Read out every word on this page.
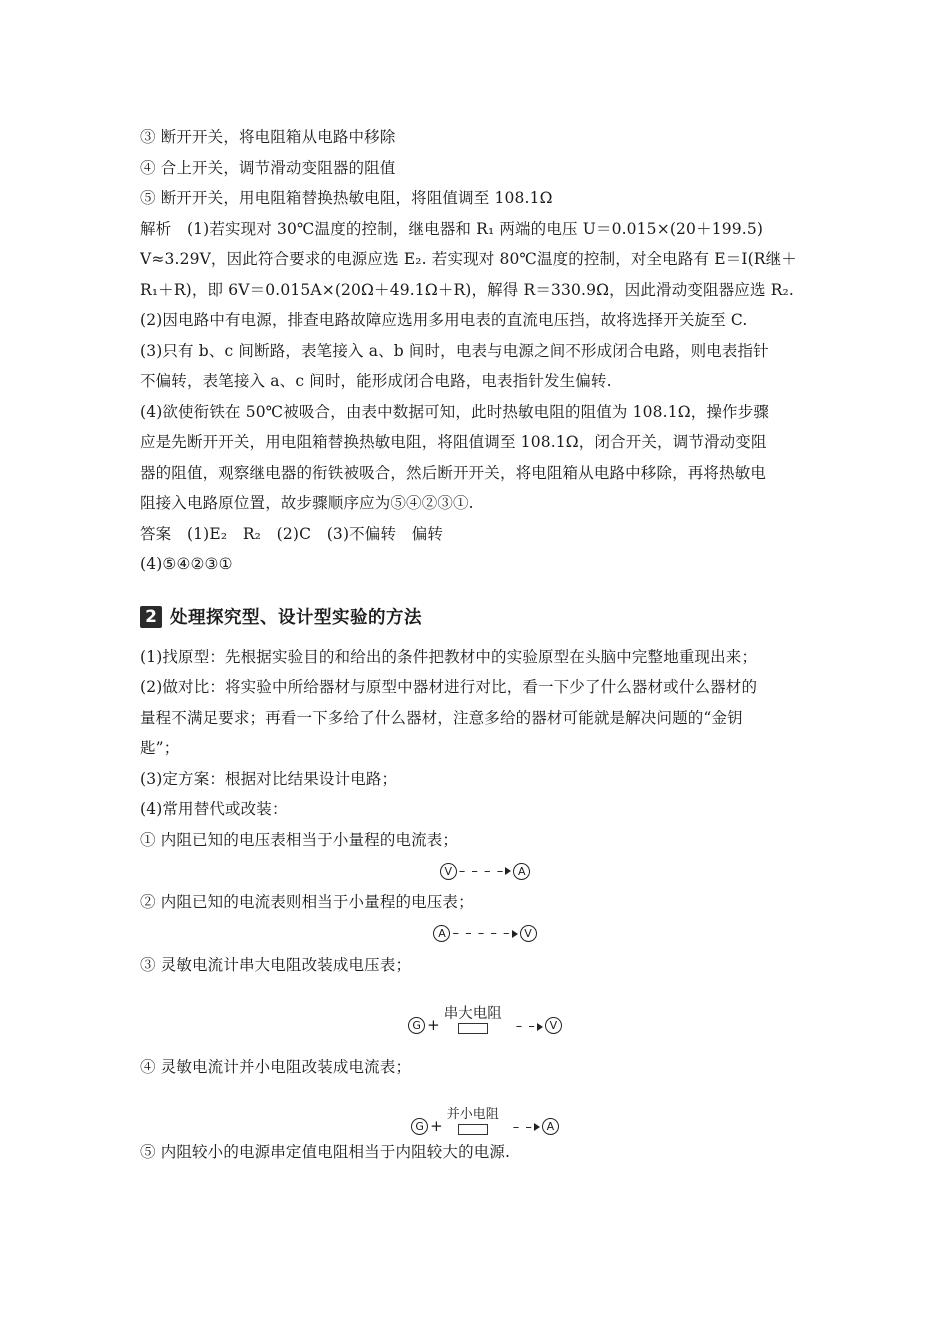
③ 断开开关，将电阻箱从电路中移除
④ 合上开关，调节滑动变阻器的阻值
⑤ 断开开关，用电阻箱替换热敏电阻，将阻值调至 108.1Ω
解析　(1)若实现对 30℃温度的控制，继电器和 R₁ 两端的电压 U＝0.015×(20＋199.5)
V≈3.29V，因此符合要求的电源应选 E₂. 若实现对 80℃温度的控制，对全电路有 E＝I(R继＋
R₁＋R)，即 6V＝0.015A×(20Ω＋49.1Ω＋R)，解得 R＝330.9Ω，因此滑动变阻器应选 R₂.
(2)因电路中有电源，排查电路故障应选用多用电表的直流电压挡，故将选择开关旋至 C.
(3)只有 b、c 间断路，表笔接入 a、b 间时，电表与电源之间不形成闭合电路，则电表指针
不偏转，表笔接入 a、c 间时，能形成闭合电路，电表指针发生偏转.
(4)欲使衔铁在 50℃被吸合，由表中数据可知，此时热敏电阻的阻值为 108.1Ω，操作步骤
应是先断开开关，用电阻箱替换热敏电阻，将阻值调至 108.1Ω，闭合开关，调节滑动变阻
器的阻值，观察继电器的衔铁被吸合，然后断开开关，将电阻箱从电路中移除，再将热敏电
阻接入电路原位置，故步骤顺序应为⑤④②③①.
答案　(1)E₂　R₂　(2)C　(3)不偏转　偏转
(4)⑤④②③①
2 处理探究型、设计型实验的方法
(1)找原型：先根据实验目的和给出的条件把教材中的实验原型在头脑中完整地重现出来；
(2)做对比：将实验中所给器材与原型中器材进行对比，看一下少了什么器材或什么器材的
量程不满足要求；再看一下多给了什么器材，注意多给的器材可能就是解决问题的“金钥
匙”；
(3)定方案：根据对比结果设计电路；
(4)常用替代或改装：
① 内阻已知的电压表相当于小量程的电流表；
V – – – –	A
② 内阻已知的电流表则相当于小量程的电压表；
A – – – – –	V
③ 灵敏电流计串大电阻改装成电压表；
G +
串大电阻
– –	V
④ 灵敏电流计并小电阻改装成电流表；
G +
并小电阻
– –	A
⑤ 内阻较小的电源串定值电阻相当于内阻较大的电源.
